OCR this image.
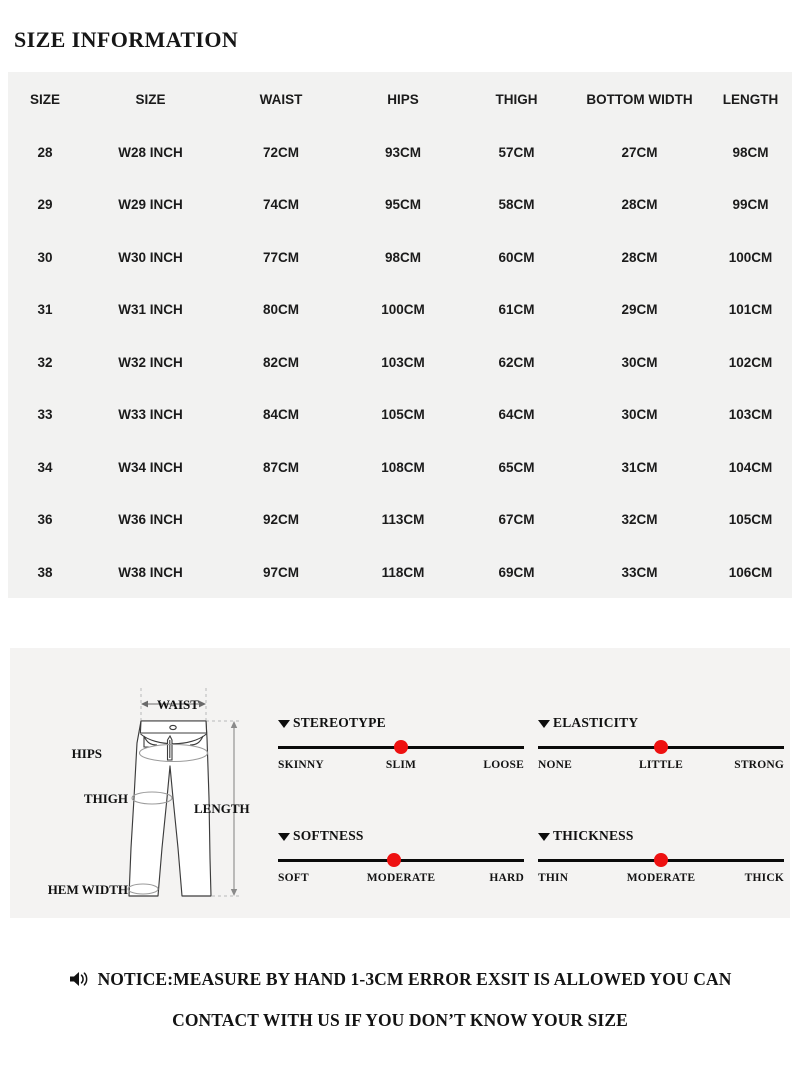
SIZE INFORMATION
SIZE	SIZE	WAIST	HIPS	THIGH	BOTTOM WIDTH	LENGTH
28	W28 INCH	72CM	93CM	57CM	27CM	98CM
29	W29 INCH	74CM	95CM	58CM	28CM	99CM
30	W30 INCH	77CM	98CM	60CM	28CM	100CM
31	W31 INCH	80CM	100CM	61CM	29CM	101CM
32	W32 INCH	82CM	103CM	62CM	30CM	102CM
33	W33 INCH	84CM	105CM	64CM	30CM	103CM
34	W34 INCH	87CM	108CM	65CM	31CM	104CM
36	W36 INCH	92CM	113CM	67CM	32CM	105CM
38	W38 INCH	97CM	118CM	69CM	33CM	106CM
WAIST
HIPS
THIGH
LENGTH
HEM WIDTH
STEREOTYPE
SKINNY	SLIM	LOOSE
ELASTICITY
NONE	LITTLE	STRONG
SOFTNESS
SOFT	MODERATE	HARD
THICKNESS
THIN	MODERATE	THICK
NOTICE:MEASURE BY HAND 1-3CM ERROR EXSIT IS ALLOWED YOU CAN
CONTACT WITH US IF YOU DON’T KNOW YOUR SIZE
